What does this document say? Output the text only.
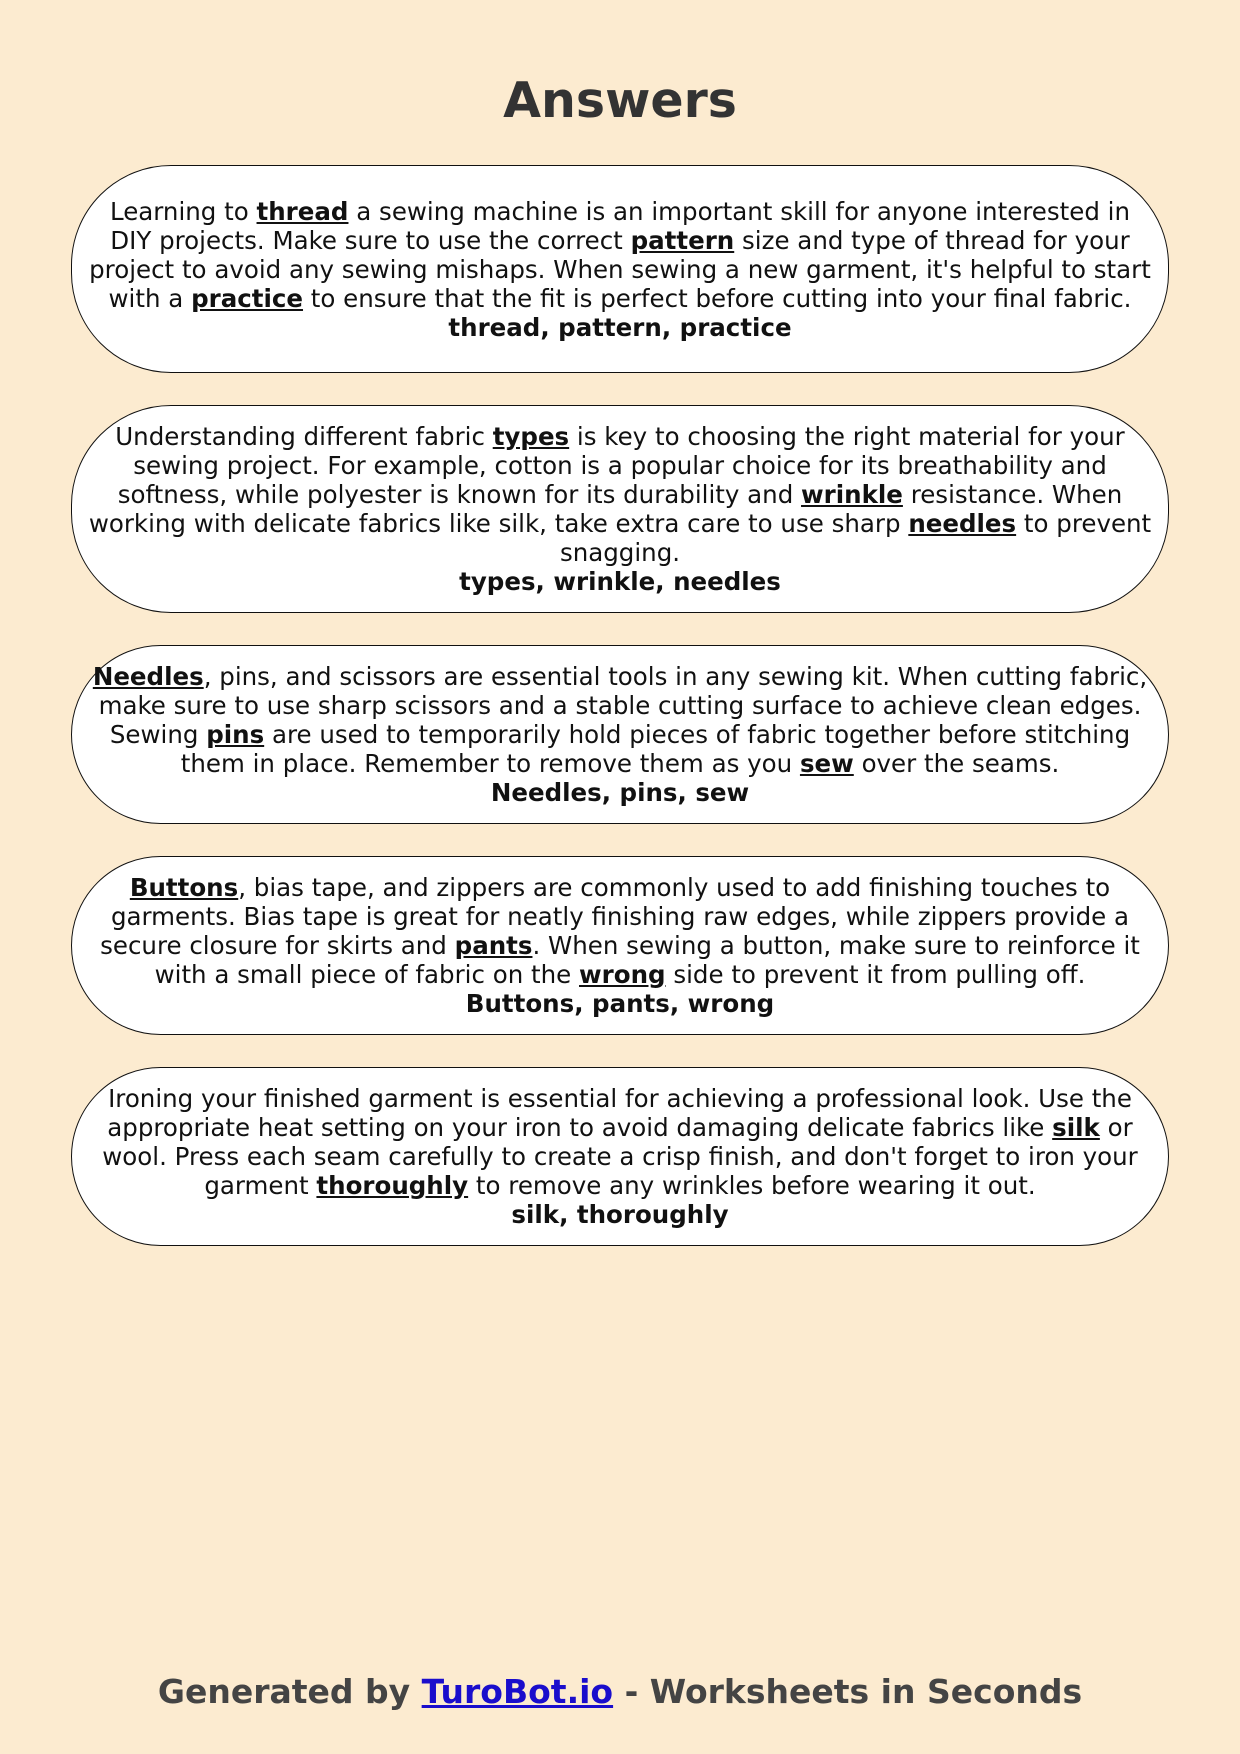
Answers
Learning to thread a sewing machine is an important skill for anyone interested in DIY projects. Make sure to use the correct pattern size and type of thread for your project to avoid any sewing mishaps. When sewing a new garment, it's helpful to start with a practice to ensure that the fit is perfect before cutting into your final fabric.
thread, pattern, practice
Understanding different fabric types is key to choosing the right material for your sewing project. For example, cotton is a popular choice for its breathability and softness, while polyester is known for its durability and wrinkle resistance. When working with delicate fabrics like silk, take extra care to use sharp needles to prevent snagging.
types, wrinkle, needles
Needles, pins, and scissors are essential tools in any sewing kit. When cutting fabric, make sure to use sharp scissors and a stable cutting surface to achieve clean edges. Sewing pins are used to temporarily hold pieces of fabric together before stitching them in place. Remember to remove them as you sew over the seams.
Needles, pins, sew
Buttons, bias tape, and zippers are commonly used to add finishing touches to garments. Bias tape is great for neatly finishing raw edges, while zippers provide a secure closure for skirts and pants. When sewing a button, make sure to reinforce it with a small piece of fabric on the wrong side to prevent it from pulling off.
Buttons, pants, wrong
Ironing your finished garment is essential for achieving a professional look. Use the appropriate heat setting on your iron to avoid damaging delicate fabrics like silk or wool. Press each seam carefully to create a crisp finish, and don't forget to iron your garment thoroughly to remove any wrinkles before wearing it out.
silk, thoroughly
Generated by TuroBot.io - Worksheets in Seconds
